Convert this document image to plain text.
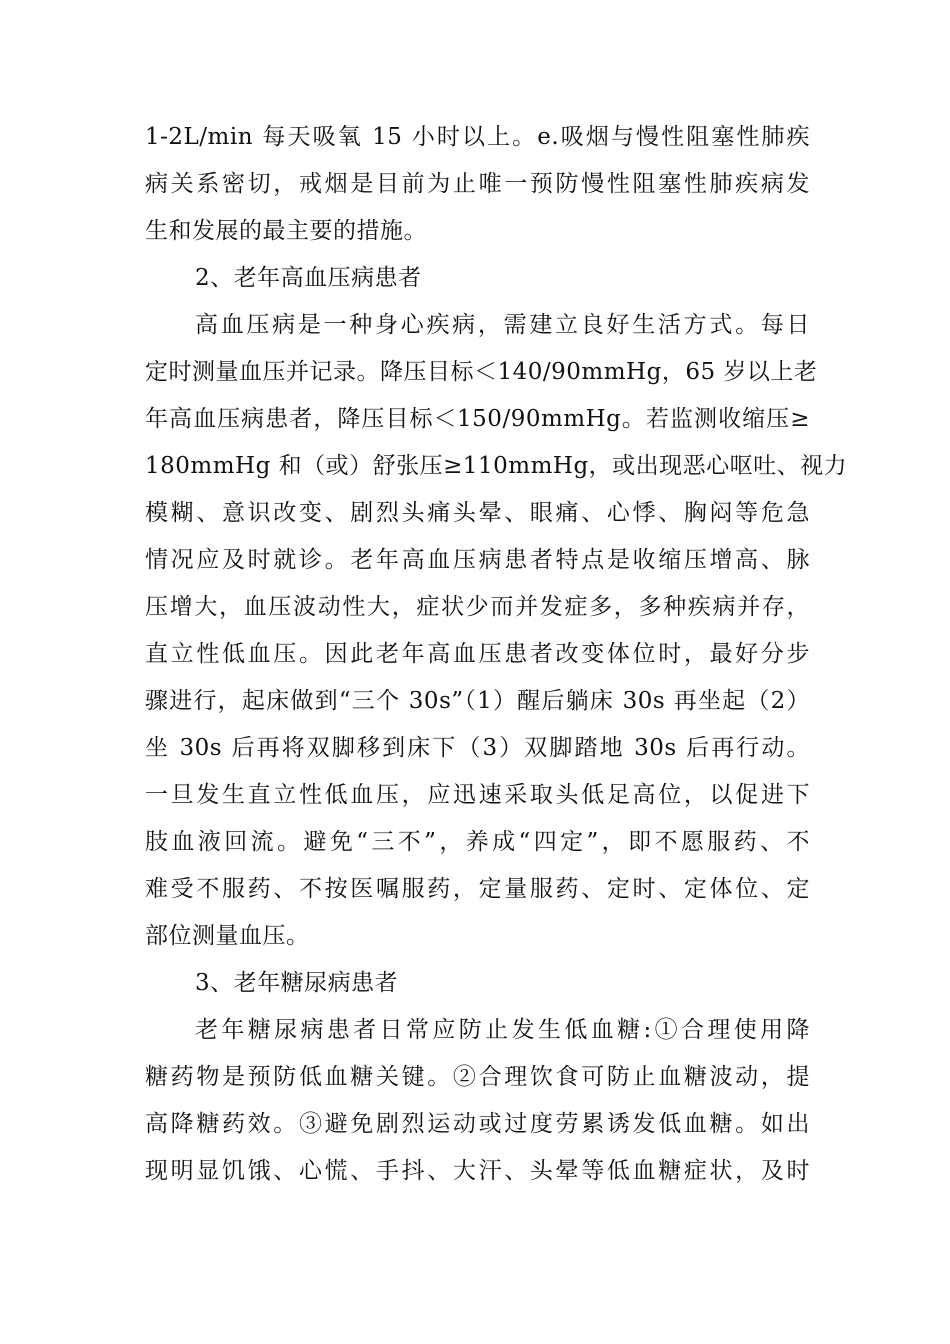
1-2L/min 每天吸氧 15 小时以上。e.吸烟与慢性阻塞性肺疾
病关系密切，戒烟是目前为止唯一预防慢性阻塞性肺疾病发
生和发展的最主要的措施。
2、老年高血压病患者
高血压病是一种身心疾病，需建立良好生活方式。每日
定时测量血压并记录。降压目标＜140/90mmHg，65 岁以上老
年高血压病患者，降压目标＜150/90mmHg。若监测收缩压≥
180mmHg 和（或）舒张压≥110mmHg，或出现恶心呕吐、视力
模糊、意识改变、剧烈头痛头晕、眼痛、心悸、胸闷等危急
情况应及时就诊。老年高血压病患者特点是收缩压增高、脉
压增大，血压波动性大，症状少而并发症多，多种疾病并存，
直立性低血压。因此老年高血压患者改变体位时，最好分步
骤进行，起床做到“三个 30s”（1）醒后躺床 30s 再坐起（2）
坐 30s 后再将双脚移到床下（3）双脚踏地 30s 后再行动。
一旦发生直立性低血压，应迅速采取头低足高位，以促进下
肢血液回流。避免“三不”，养成“四定”，即不愿服药、不
难受不服药、不按医嘱服药，定量服药、定时、定体位、定
部位测量血压。
3、老年糖尿病患者
老年糖尿病患者日常应防止发生低血糖:①合理使用降
糖药物是预防低血糖关键。②合理饮食可防止血糖波动，提
高降糖药效。③避免剧烈运动或过度劳累诱发低血糖。如出
现明显饥饿、心慌、手抖、大汗、头晕等低血糖症状，及时
